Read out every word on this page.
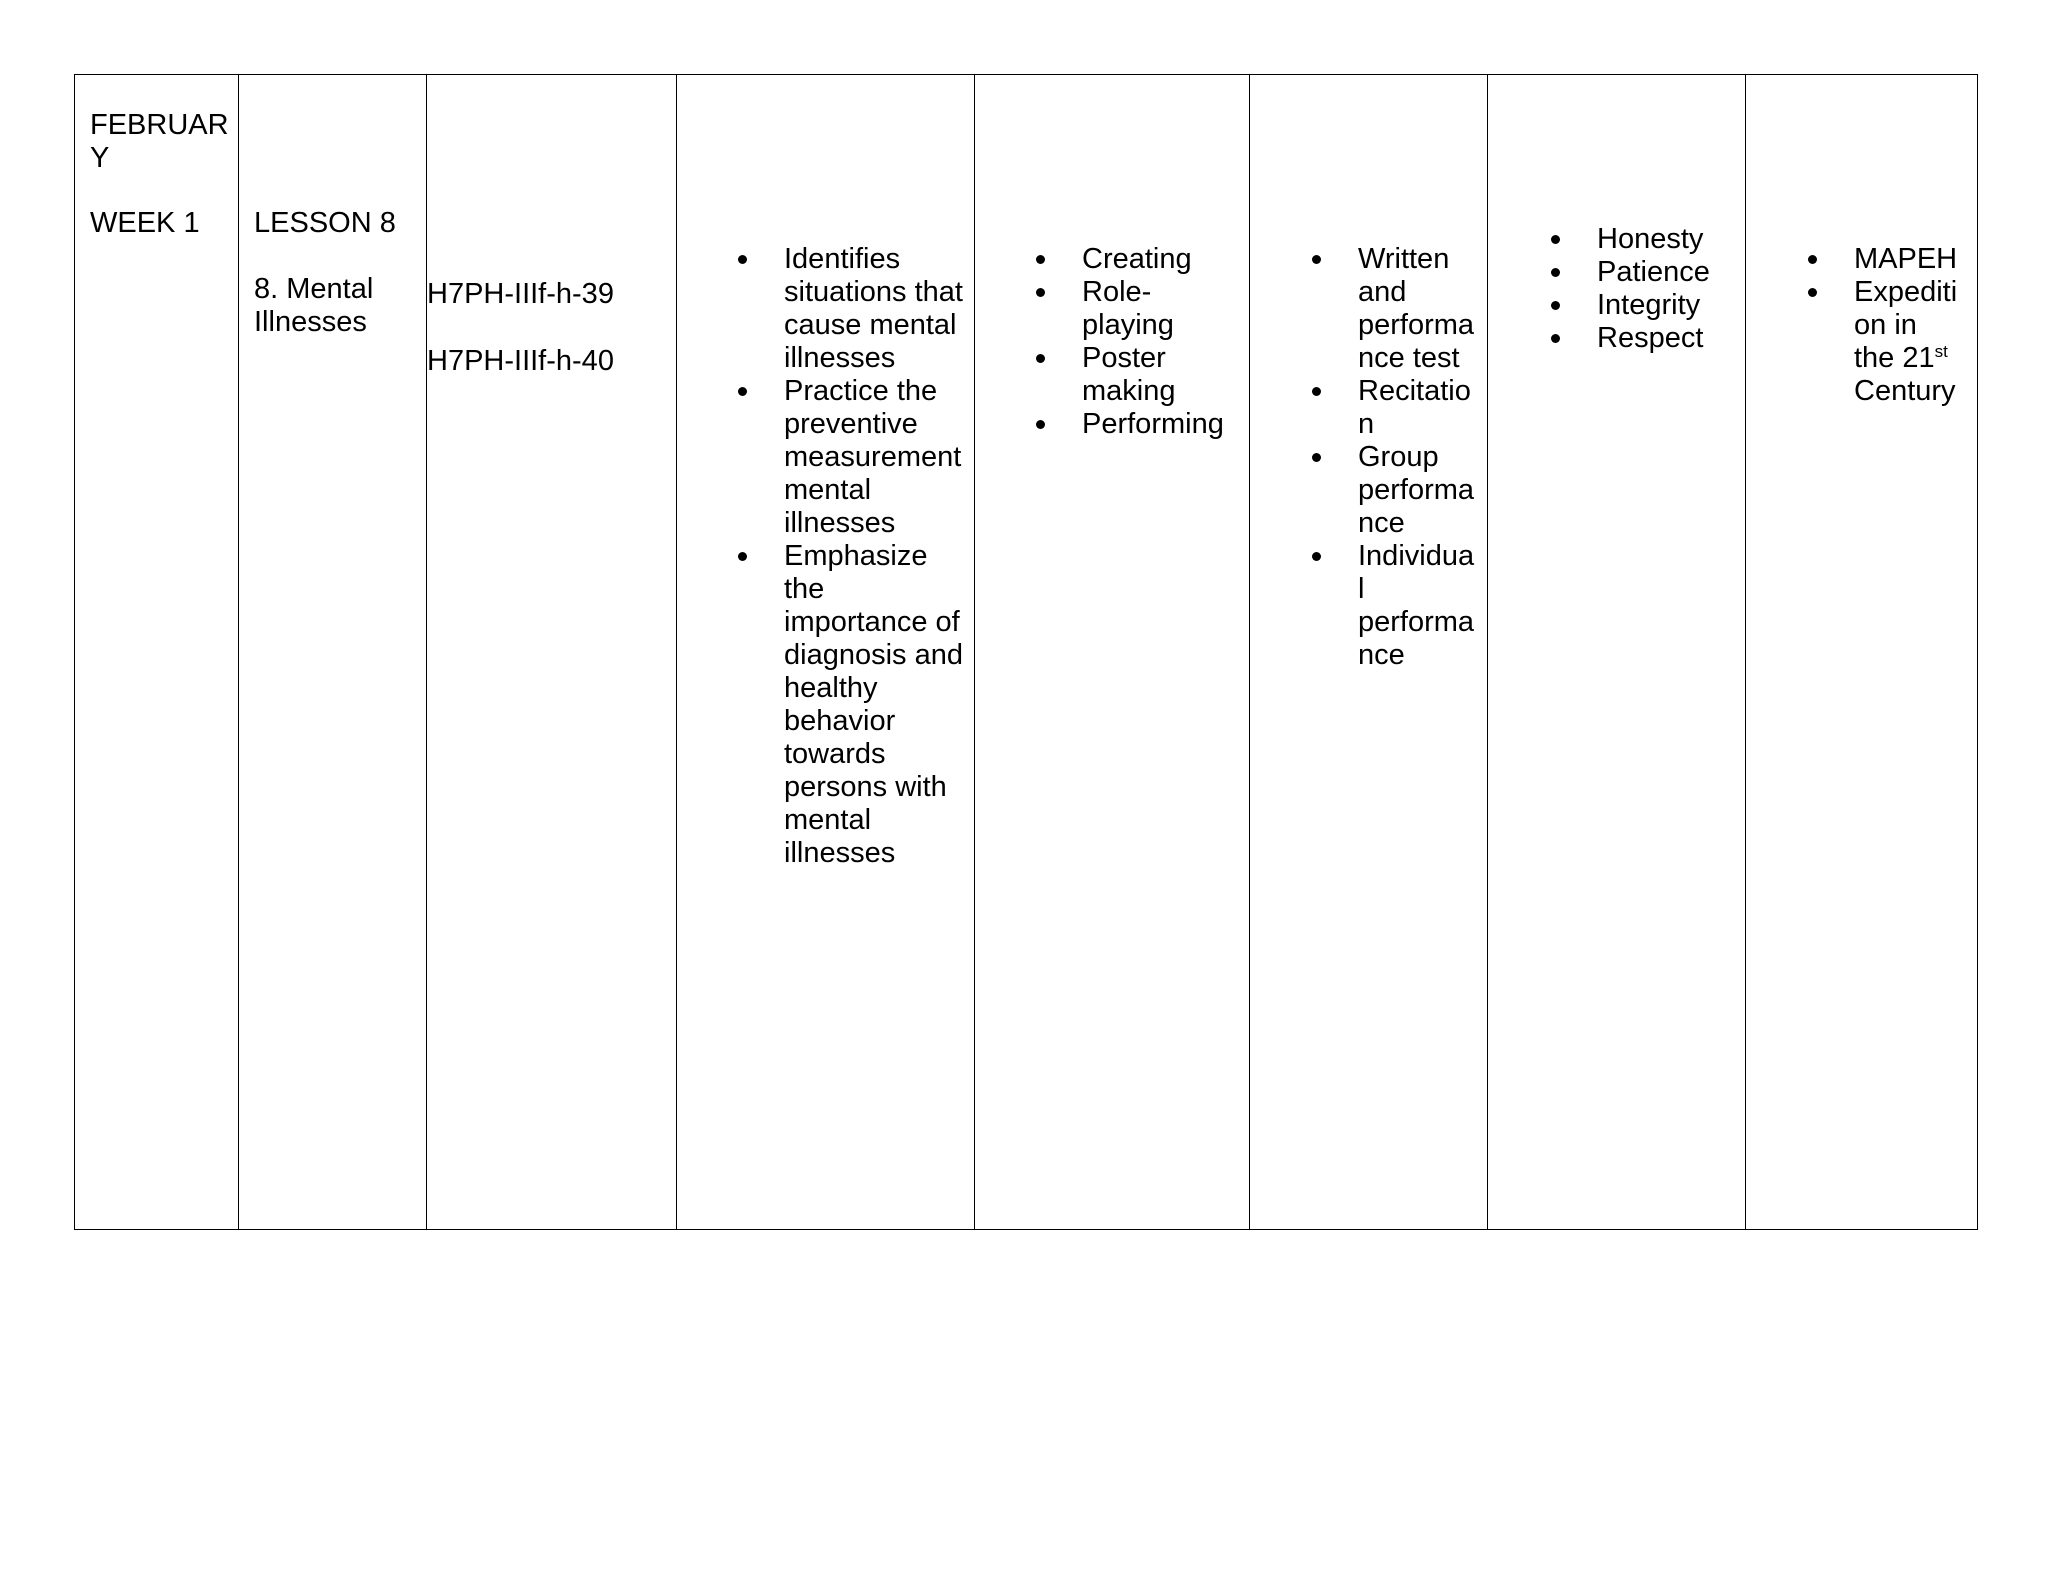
FEBRUAR
Y
WEEK 1 LESSON 8
8. Mental
Illnesses
H7PH-IIIf-h-39
H7PH-IIIf-h-40
Identifies
situations that
cause mental
illnesses
Practice the
preventive
measurement
mental
illnesses
Emphasize
the
importance of
diagnosis and
healthy
behavior
towards
persons with
mental
illnesses
Creating
Role-
playing
Poster
making
Performing
Written
and
performa
nce test
Recitatio
n
Group
performa
nce
Individua
l
performa
nce
Honesty
Patience
Integrity
Respect
MAPEH
Expediti
on in
the 21st
Century
